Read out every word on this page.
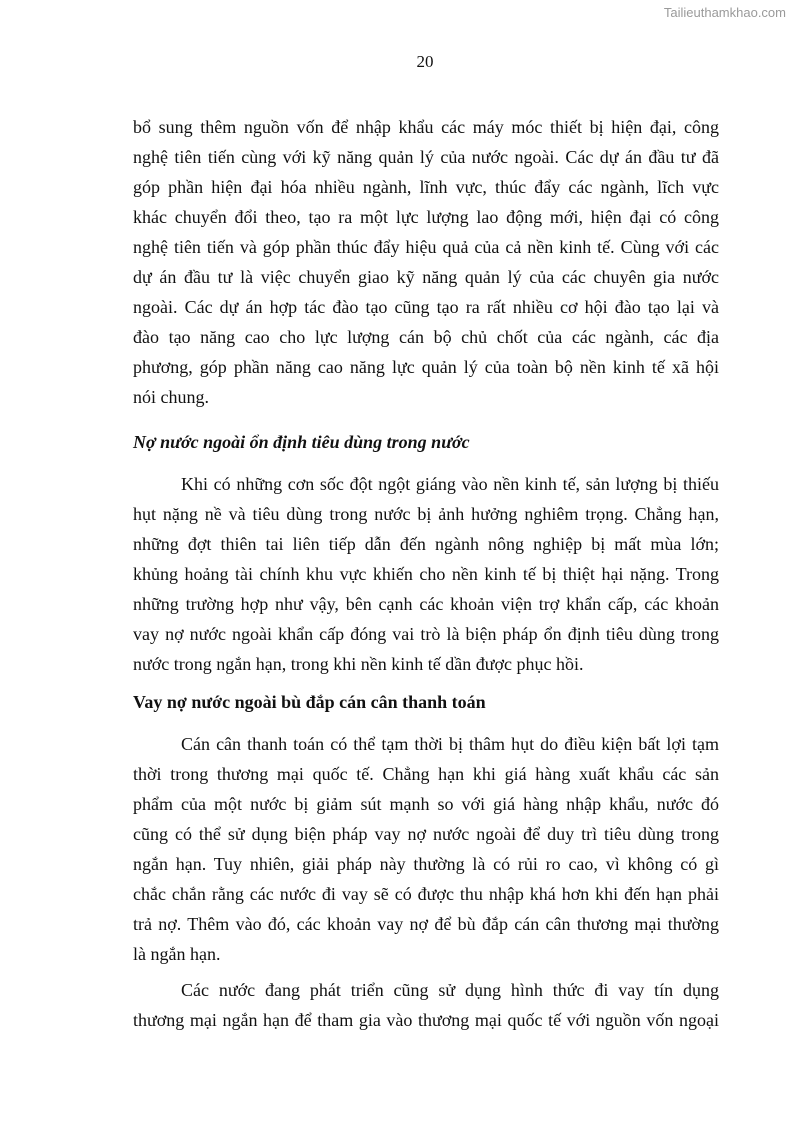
Tailieuthamkhao.com
20
bổ sung thêm nguồn vốn để nhập khẩu các máy móc thiết bị hiện đại, công
nghệ tiên tiến cùng với kỹ năng quản lý của nước ngoài. Các dự án đầu tư đã
góp phần hiện đại hóa nhiều ngành, lĩnh vực, thúc đẩy các ngành, lĩch vực
khác chuyển đổi theo, tạo ra một lực lượng lao động mới, hiện đại có công
nghệ tiên tiến và góp phần thúc đẩy hiệu quả của cả nền kinh tế. Cùng với các
dự án đầu tư là việc chuyển giao kỹ năng quản lý của các chuyên gia nước
ngoài. Các dự án hợp tác đào tạo cũng tạo ra rất nhiều cơ hội đào tạo lại và
đào tạo năng cao cho lực lượng cán bộ chủ chốt của các ngành, các địa
phương, góp phần năng cao năng lực quản lý của toàn bộ nền kinh tế xã hội
nói chung.
Nợ nước ngoài ổn định tiêu dùng trong nước
Khi có những cơn sốc đột ngột giáng vào nền kinh tế, sản lượng bị thiếu
hụt nặng nề và tiêu dùng trong nước bị ảnh hưởng nghiêm trọng. Chẳng hạn,
những đợt thiên tai liên tiếp dẫn đến ngành nông nghiệp bị mất mùa lớn;
khủng hoảng tài chính khu vực khiến cho nền kinh tế bị thiệt hại nặng. Trong
những trường hợp như vậy, bên cạnh các khoản viện trợ khẩn cấp, các khoản
vay nợ nước ngoài khẩn cấp đóng vai trò là biện pháp ổn định tiêu dùng trong
nước trong ngắn hạn, trong khi nền kinh tế dần được phục hồi.
Vay nợ nước ngoài bù đắp cán cân thanh toán
Cán cân thanh toán có thể tạm thời bị thâm hụt do điều kiện bất lợi tạm
thời trong thương mại quốc tế. Chẳng hạn khi giá hàng xuất khẩu các sản
phẩm của một nước bị giảm sút mạnh so với giá hàng nhập khẩu, nước đó
cũng có thể sử dụng biện pháp vay nợ nước ngoài để duy trì tiêu dùng trong
ngắn hạn. Tuy nhiên, giải pháp này thường là có rủi ro cao, vì không có gì
chắc chắn rằng các nước đi vay sẽ có được thu nhập khá hơn khi đến hạn phải
trả nợ. Thêm vào đó, các khoản vay nợ để bù đắp cán cân thương mại thường
là ngắn hạn.
Các nước đang phát triển cũng sử dụng hình thức đi vay tín dụng
thương mại ngắn hạn để tham gia vào thương mại quốc tế với nguồn vốn ngoại
